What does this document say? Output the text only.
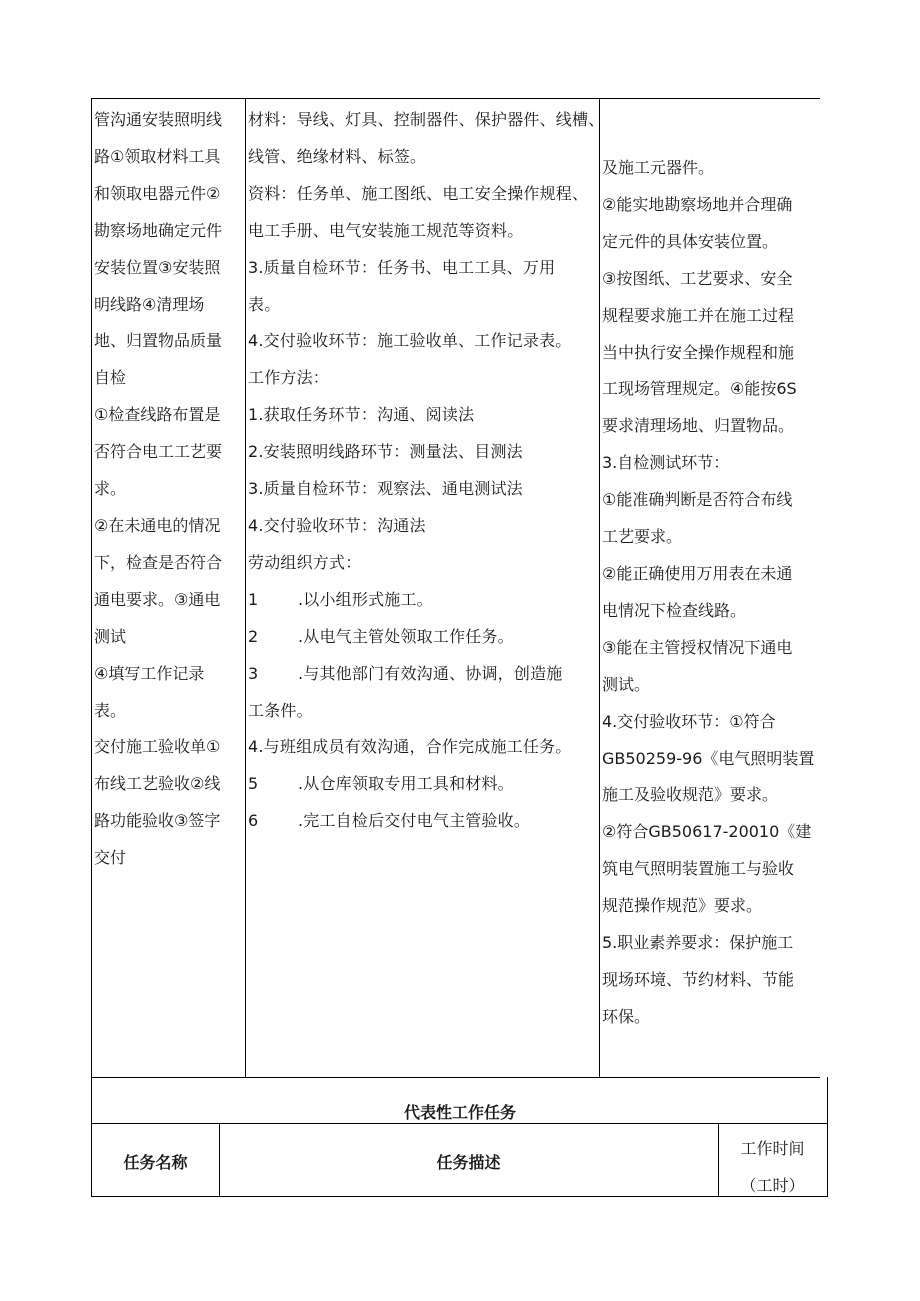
管沟通安装照明线
路①领取材料工具
和领取电器元件②
勘察场地确定元件
安装位置③安装照
明线路④清理场
地、归置物品质量
自检
①检查线路布置是
否符合电工工艺要
求。
②在未通电的情况
下，检查是否符合
通电要求。③通电
测试
④填写工作记录
表。
交付施工验收单①
布线工艺验收②线
路功能验收③签字
交付
材料：导线、灯具、控制器件、保护器件、线槽、
线管、绝缘材料、标签。
资料：任务单、施工图纸、电工安全操作规程、
电工手册、电气安装施工规范等资料。
3.质量自检环节：任务书、电工工具、万用
表。
4.交付验收环节：施工验收单、工作记录表。
工作方法：
1.获取任务环节：沟通、阅读法
2.安装照明线路环节：测量法、目测法
3.质量自检环节：观察法、通电测试法
4.交付验收环节：沟通法
劳动组织方式：
1 .以小组形式施工。
2 .从电气主管处领取工作任务。
3 .与其他部门有效沟通、协调，创造施
工条件。
4.与班组成员有效沟通，合作完成施工任务。
5 .从仓库领取专用工具和材料。
6 .完工自检后交付电气主管验收。
及施工元器件。
②能实地勘察场地并合理确
定元件的具体安装位置。
③按图纸、工艺要求、安全
规程要求施工并在施工过程
当中执行安全操作规程和施
工现场管理规定。④能按6S
要求清理场地、归置物品。
3.自检测试环节：
①能准确判断是否符合布线
工艺要求。
②能正确使用万用表在未通
电情况下检查线路。
③能在主管授权情况下通电
测试。
4.交付验收环节：①符合
GB50259-96《电气照明装置
施工及验收规范》要求。
②符合GB50617-20010《建
筑电气照明装置施工与验收
规范操作规范》要求。
5.职业素养要求：保护施工
现场环境、节约材料、节能
环保。
代表性工作任务
任务名称	任务描述
工作时间
（工时）
